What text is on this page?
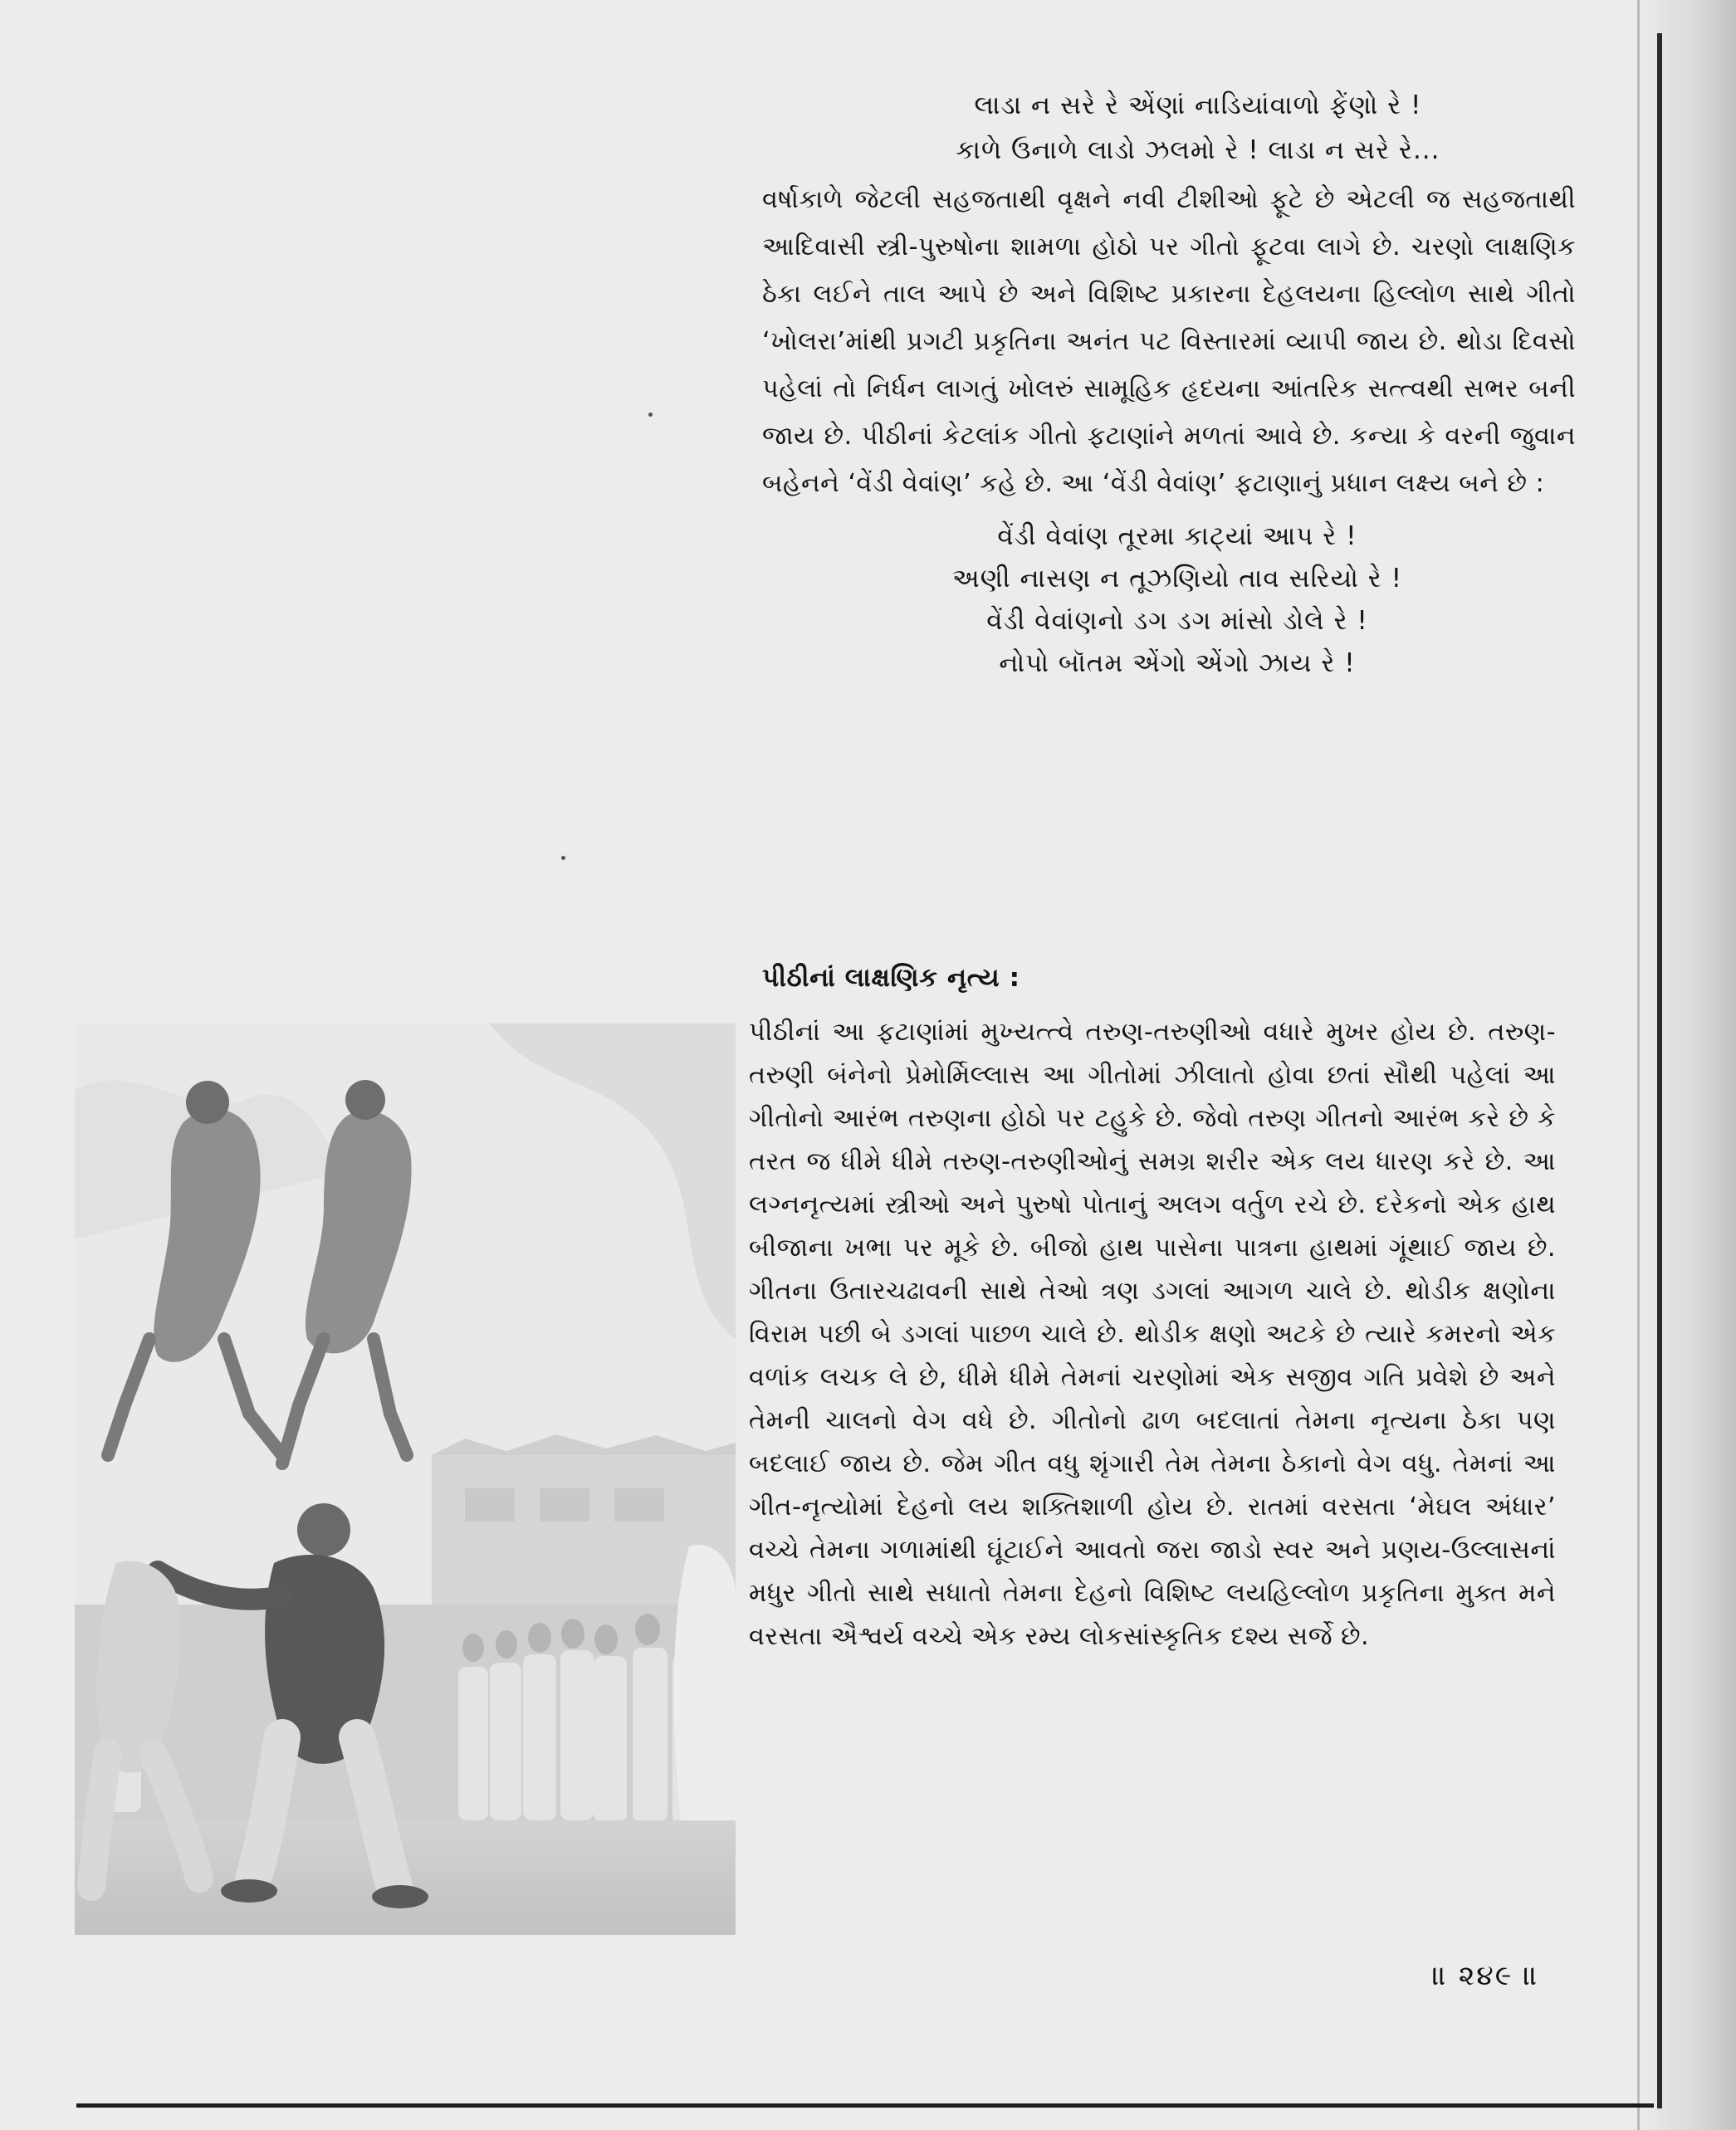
લાડા ન સરે રે એંણાં નાડિયાંવાળો ફેંણો રે !

કાળે ઉનાળે લાડો ઝલમો રે ! લાડા ન સરે રે...

વર્ષાકાળે જેટલી સહજતાથી વૃક્ષને નવી ટીશીઓ ફૂટે છે એટલી જ સહજતાથી આદિવાસી સ્ત્રી-પુરુષોના શામળા હોઠો પર ગીતો ફૂટવા લાગે છે. ચરણો લાક્ષણિક ઠેકા લઈને તાલ આપે છે અને વિશિષ્ટ પ્રકારના દેહલયના હિલ્લોળ સાથે ગીતો ‘ખોલરા’માંથી પ્રગટી પ્રકૃતિના અનંત પટ વિસ્તારમાં વ્યાપી જાય છે. થોડા દિવસો પહેલાં તો નિર્ધન લાગતું ખોલરું સામૂહિક હૃદયના આંતરિક સત્ત્વથી સભર બની જાય છે. પીઠીનાં કેટલાંક ગીતો ફટાણાંને મળતાં આવે છે. કન્યા કે વરની જુવાન બહેનને ‘વેંડી વેવાંણ’ કહે છે. આ ‘વેંડી વેવાંણ’ ફટાણાનું પ્રધાન લક્ષ્ય બને છે :

વેંડી વેવાંણ તૂરમા કાટ્યાં આપ રે !

અણી નાસણ ન તૂઝણિયો તાવ સરિયો રે !

વેંડી વેવાંણનો ડગ ડગ માંસો ડોલે રે !

નોપો બૉતમ એંગો એંગો ઝાય રે !

પીઠીનાં લાક્ષણિક નૃત્ય :

પીઠીનાં આ ફટાણાંમાં મુખ્યત્ત્વે તરુણ-તરુણીઓ વધારે મુખર હોય છે. તરુણ-તરુણી બંનેનો પ્રેમોર્મિલ્લાસ આ ગીતોમાં ઝીલાતો હોવા છતાં સૌથી પહેલાં આ ગીતોનો આરંભ તરુણના હોઠો પર ટહુકે છે. જેવો તરુણ ગીતનો આરંભ કરે છે કે તરત જ ધીમે ધીમે તરુણ-તરુણીઓનું સમગ્ર શરીર એક લય ધારણ કરે છે. આ લગ્નનૃત્યમાં સ્ત્રીઓ અને પુરુષો પોતાનું અલગ વર્તુળ રચે છે. દરેકનો એક હાથ બીજાના ખભા પર મૂકે છે. બીજો હાથ પાસેના પાત્રના હાથમાં ગૂંથાઈ જાય છે. ગીતના ઉતારચઢાવની સાથે તેઓ ત્રણ ડગલાં આગળ ચાલે છે. થોડીક ક્ષણોના વિરામ પછી બે ડગલાં પાછળ ચાલે છે. થોડીક ક્ષણો અટકે છે ત્યારે કમરનો એક વળાંક લચક લે છે, ધીમે ધીમે તેમનાં ચરણોમાં એક સજીવ ગતિ પ્રવેશે છે અને તેમની ચાલનો વેગ વધે છે. ગીતોનો ઢાળ બદલાતાં તેમના નૃત્યના ઠેકા પણ બદલાઈ જાય છે. જેમ ગીત વધુ શૃંગારી તેમ તેમના ઠેકાનો વેગ વધુ. તેમનાં આ ગીત-નૃત્યોમાં દેહનો લય શક્તિશાળી હોય છે. રાતમાં વરસતા ‘મેઘલ અંધાર’ વચ્ચે તેમના ગળામાંથી ઘૂંટાઈને આવતો જરા જાડો સ્વર અને પ્રણય-ઉલ્લાસનાં મધુર ગીતો સાથે સધાતો તેમના દેહનો વિશિષ્ટ લયહિલ્લોળ પ્રકૃતિના મુક્ત મને વરસતા ઐશ્વર્ય વચ્ચે એક રમ્ય લોકસાંસ્કૃતિક દશ્ય સર્જે છે.

॥ ૨૪૯ ॥
